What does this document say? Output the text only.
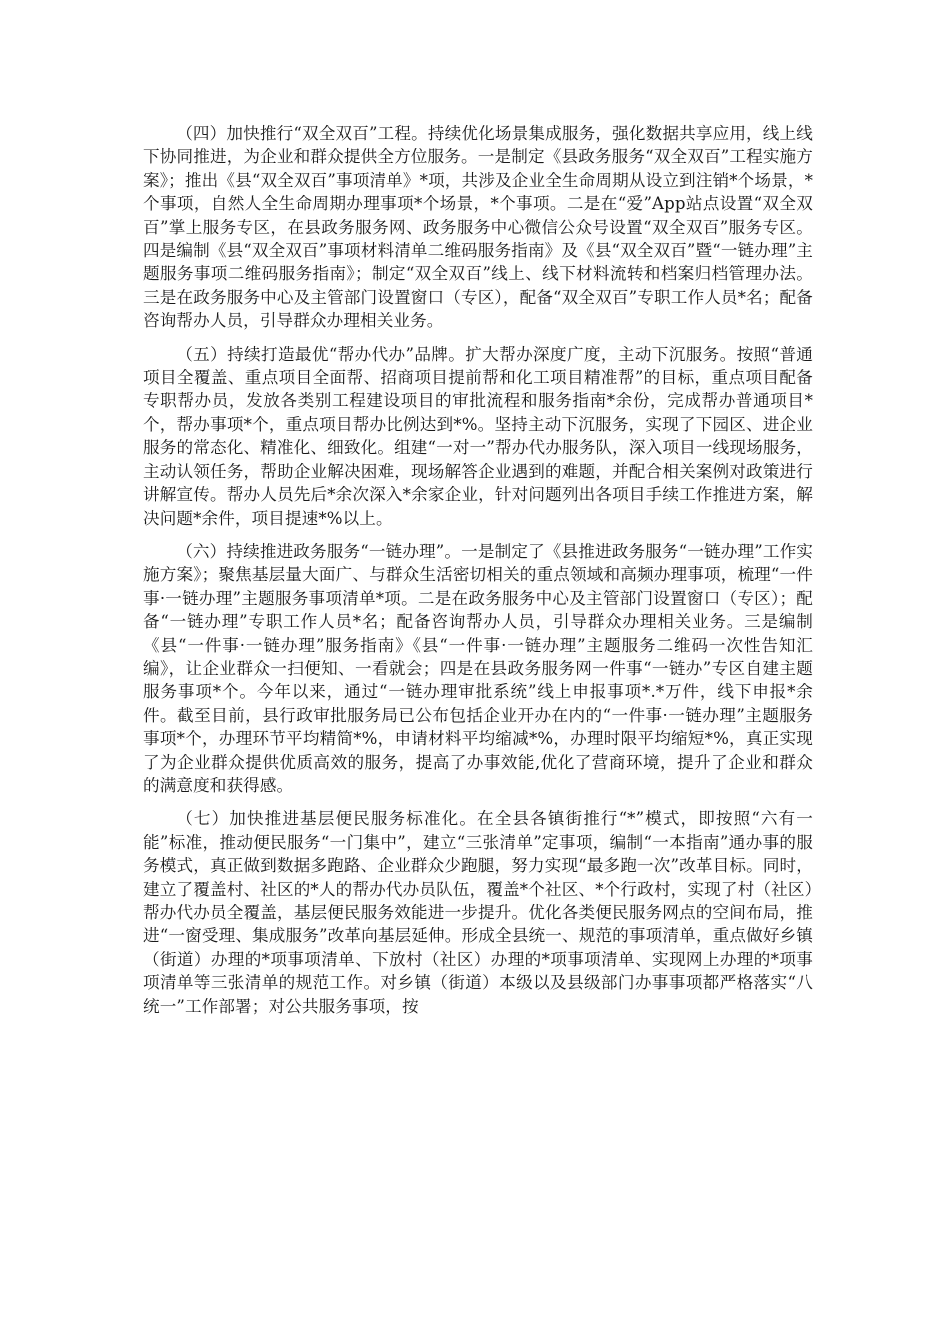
（四）加快推行“双全双百”工程。持续优化场景集成服务，强化数据共享应用，线上线下协同推进，为企业和群众提供全方位服务。一是制定《县政务服务“双全双百”工程实施方案》；推出《县“双全双百”事项清单》*项，共涉及企业全生命周期从设立到注销*个场景，*个事项，自然人全生命周期办理事项*个场景，*个事项。二是在“爱”App站点设置“双全双百”掌上服务专区，在县政务服务网、政务服务中心微信公众号设置“双全双百”服务专区。四是编制《县“双全双百”事项材料清单二维码服务指南》及《县“双全双百”暨“一链办理”主题服务事项二维码服务指南》；制定“双全双百”线上、线下材料流转和档案归档管理办法。三是在政务服务中心及主管部门设置窗口（专区），配备“双全双百”专职工作人员*名；配备咨询帮办人员，引导群众办理相关业务。

（五）持续打造最优“帮办代办”品牌。扩大帮办深度广度，主动下沉服务。按照“普通项目全覆盖、重点项目全面帮、招商项目提前帮和化工项目精准帮”的目标，重点项目配备专职帮办员，发放各类别工程建设项目的审批流程和服务指南*余份，完成帮办普通项目*个，帮办事项*个，重点项目帮办比例达到*%。坚持主动下沉服务，实现了下园区、进企业服务的常态化、精准化、细致化。组建“一对一”帮办代办服务队，深入项目一线现场服务，主动认领任务，帮助企业解决困难，现场解答企业遇到的难题，并配合相关案例对政策进行讲解宣传。帮办人员先后*余次深入*余家企业，针对问题列出各项目手续工作推进方案，解决问题*余件，项目提速*%以上。

（六）持续推进政务服务“一链办理”。一是制定了《县推进政务服务“一链办理”工作实施方案》；聚焦基层量大面广、与群众生活密切相关的重点领域和高频办理事项，梳理“一件事·一链办理”主题服务事项清单*项。二是在政务服务中心及主管部门设置窗口（专区）；配备“一链办理”专职工作人员*名；配备咨询帮办人员，引导群众办理相关业务。三是编制《县“一件事·一链办理”服务指南》《县“一件事·一链办理”主题服务二维码一次性告知汇编》，让企业群众一扫便知、一看就会；四是在县政务服务网一件事“一链办”专区自建主题服务事项*个。今年以来，通过“一链办理审批系统”线上申报事项*.*万件，线下申报*余件。截至目前，县行政审批服务局已公布包括企业开办在内的“一件事·一链办理”主题服务事项*个，办理环节平均精简*%，申请材料平均缩减*%，办理时限平均缩短*%，真正实现了为企业群众提供优质高效的服务，提高了办事效能,优化了营商环境，提升了企业和群众的满意度和获得感。

（七）加快推进基层便民服务标准化。在全县各镇街推行“*”模式，即按照“六有一能”标准，推动便民服务“一门集中”，建立“三张清单”定事项，编制“一本指南”通办事的服务模式，真正做到数据多跑路、企业群众少跑腿，努力实现“最多跑一次”改革目标。同时，建立了覆盖村、社区的*人的帮办代办员队伍，覆盖*个社区、*个行政村，实现了村（社区）帮办代办员全覆盖，基层便民服务效能进一步提升。优化各类便民服务网点的空间布局，推进“一窗受理、集成服务”改革向基层延伸。形成全县统一、规范的事项清单，重点做好乡镇（街道）办理的*项事项清单、下放村（社区）办理的*项事项清单、实现网上办理的*项事项清单等三张清单的规范工作。对乡镇（街道）本级以及县级部门办事事项都严格落实“八统一”工作部署；对公共服务事项，按
